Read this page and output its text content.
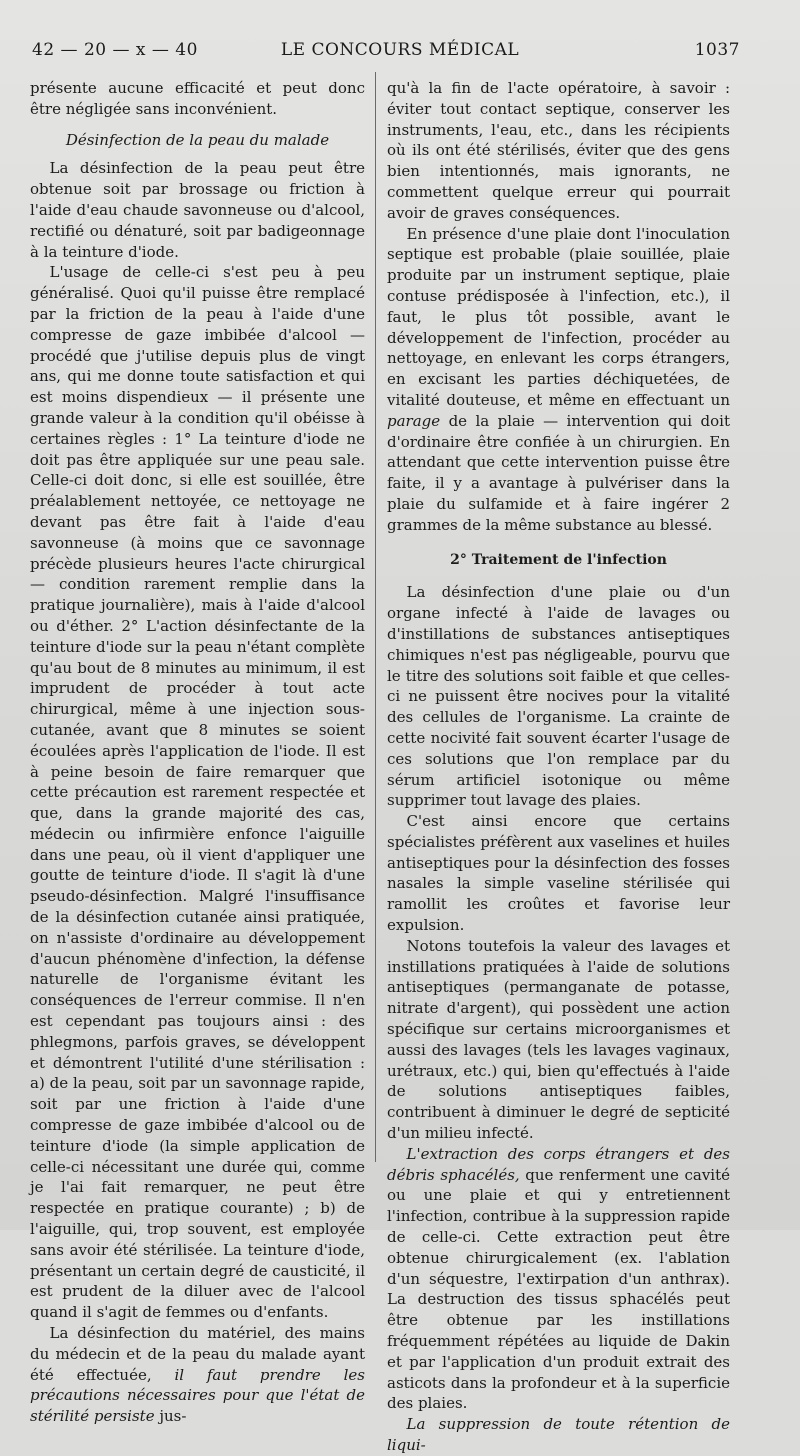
42 — 20 — x — 40	LE CONCOURS MÉDICAL	1037

présente aucune efficacité et peut donc être négligée sans inconvénient.

Désinfection de la peau du malade

La désinfection de la peau peut être obtenue soit par brossage ou friction à l'aide d'eau chaude savonneuse ou d'alcool, rectifié ou dénaturé, soit par badigeonnage à la teinture d'iode.

L'usage de celle-ci s'est peu à peu généralisé. Quoi qu'il puisse être remplacé par la friction de la peau à l'aide d'une compresse de gaze imbibée d'alcool — procédé que j'utilise depuis plus de vingt ans, qui me donne toute satisfaction et qui est moins dispendieux — il présente une grande valeur à la condition qu'il obéisse à certaines règles : 1° La teinture d'iode ne doit pas être appliquée sur une peau sale. Celle-ci doit donc, si elle est souillée, être préalablement nettoyée, ce nettoyage ne devant pas être fait à l'aide d'eau savonneuse (à moins que ce savonnage précède plusieurs heures l'acte chirurgical — condition rarement remplie dans la pratique journalière), mais à l'aide d'alcool ou d'éther. 2° L'action désinfectante de la teinture d'iode sur la peau n'étant complète qu'au bout de 8 minutes au minimum, il est imprudent de procéder à tout acte chirurgical, même à une injection sous-cutanée, avant que 8 minutes se soient écoulées après l'application de l'iode. Il est à peine besoin de faire remarquer que cette précaution est rarement respectée et que, dans la grande majorité des cas, médecin ou infirmière enfonce l'aiguille dans une peau, où il vient d'appliquer une goutte de teinture d'iode. Il s'agit là d'une pseudo-désinfection. Malgré l'insuffisance de la désinfection cutanée ainsi pratiquée, on n'assiste d'ordinaire au développement d'aucun phénomène d'infection, la défense naturelle de l'organisme évitant les conséquences de l'erreur commise. Il n'en est cependant pas toujours ainsi : des phlegmons, parfois graves, se développent et démontrent l'utilité d'une stérilisation : a) de la peau, soit par un savonnage rapide, soit par une friction à l'aide d'une compresse de gaze imbibée d'alcool ou de teinture d'iode (la simple application de celle-ci nécessitant une durée qui, comme je l'ai fait remarquer, ne peut être respectée en pratique courante) ; b) de l'aiguille, qui, trop souvent, est employée sans avoir été stérilisée. La teinture d'iode, présentant un certain degré de causticité, il est prudent de la diluer avec de l'alcool quand il s'agit de femmes ou d'enfants.

La désinfection du matériel, des mains du médecin et de la peau du malade ayant été effectuée, il faut prendre les précautions nécessaires pour que l'état de stérilité persiste jus-

qu'à la fin de l'acte opératoire, à savoir : éviter tout contact septique, conserver les instruments, l'eau, etc., dans les récipients où ils ont été stérilisés, éviter que des gens bien intentionnés, mais ignorants, ne commettent quelque erreur qui pourrait avoir de graves conséquences.

En présence d'une plaie dont l'inoculation septique est probable (plaie souillée, plaie produite par un instrument septique, plaie contuse prédisposée à l'infection, etc.), il faut, le plus tôt possible, avant le développement de l'infection, procéder au nettoyage, en enlevant les corps étrangers, en excisant les parties déchiquetées, de vitalité douteuse, et même en effectuant un parage de la plaie — intervention qui doit d'ordinaire être confiée à un chirurgien. En attendant que cette intervention puisse être faite, il y a avantage à pulvériser dans la plaie du sulfamide et à faire ingérer 2 grammes de la même substance au blessé.

2° Traitement de l'infection

La désinfection d'une plaie ou d'un organe infecté à l'aide de lavages ou d'instillations de substances antiseptiques chimiques n'est pas négligeable, pourvu que le titre des solutions soit faible et que celles-ci ne puissent être nocives pour la vitalité des cellules de l'organisme. La crainte de cette nocivité fait souvent écarter l'usage de ces solutions que l'on remplace par du sérum artificiel isotonique ou même supprimer tout lavage des plaies.

C'est ainsi encore que certains spécialistes préfèrent aux vaselines et huiles antiseptiques pour la désinfection des fosses nasales la simple vaseline stérilisée qui ramollit les croûtes et favorise leur expulsion.

Notons toutefois la valeur des lavages et instillations pratiquées à l'aide de solutions antiseptiques (permanganate de potasse, nitrate d'argent), qui possèdent une action spécifique sur certains microorganismes et aussi des lavages (tels les lavages vaginaux, urétraux, etc.) qui, bien qu'effectués à l'aide de solutions antiseptiques faibles, contribuent à diminuer le degré de septicité d'un milieu infecté.

L'extraction des corps étrangers et des débris sphacélés, que renferment une cavité ou une plaie et qui y entretiennent l'infection, contribue à la suppression rapide de celle-ci. Cette extraction peut être obtenue chirurgicalement (ex. l'ablation d'un séquestre, l'extirpation d'un anthrax). La destruction des tissus sphacélés peut être obtenue par les instillations fréquemment répétées au liquide de Dakin et par l'application d'un produit extrait des asticots dans la profondeur et à la superficie des plaies.

La suppression de toute rétention de liqui-
